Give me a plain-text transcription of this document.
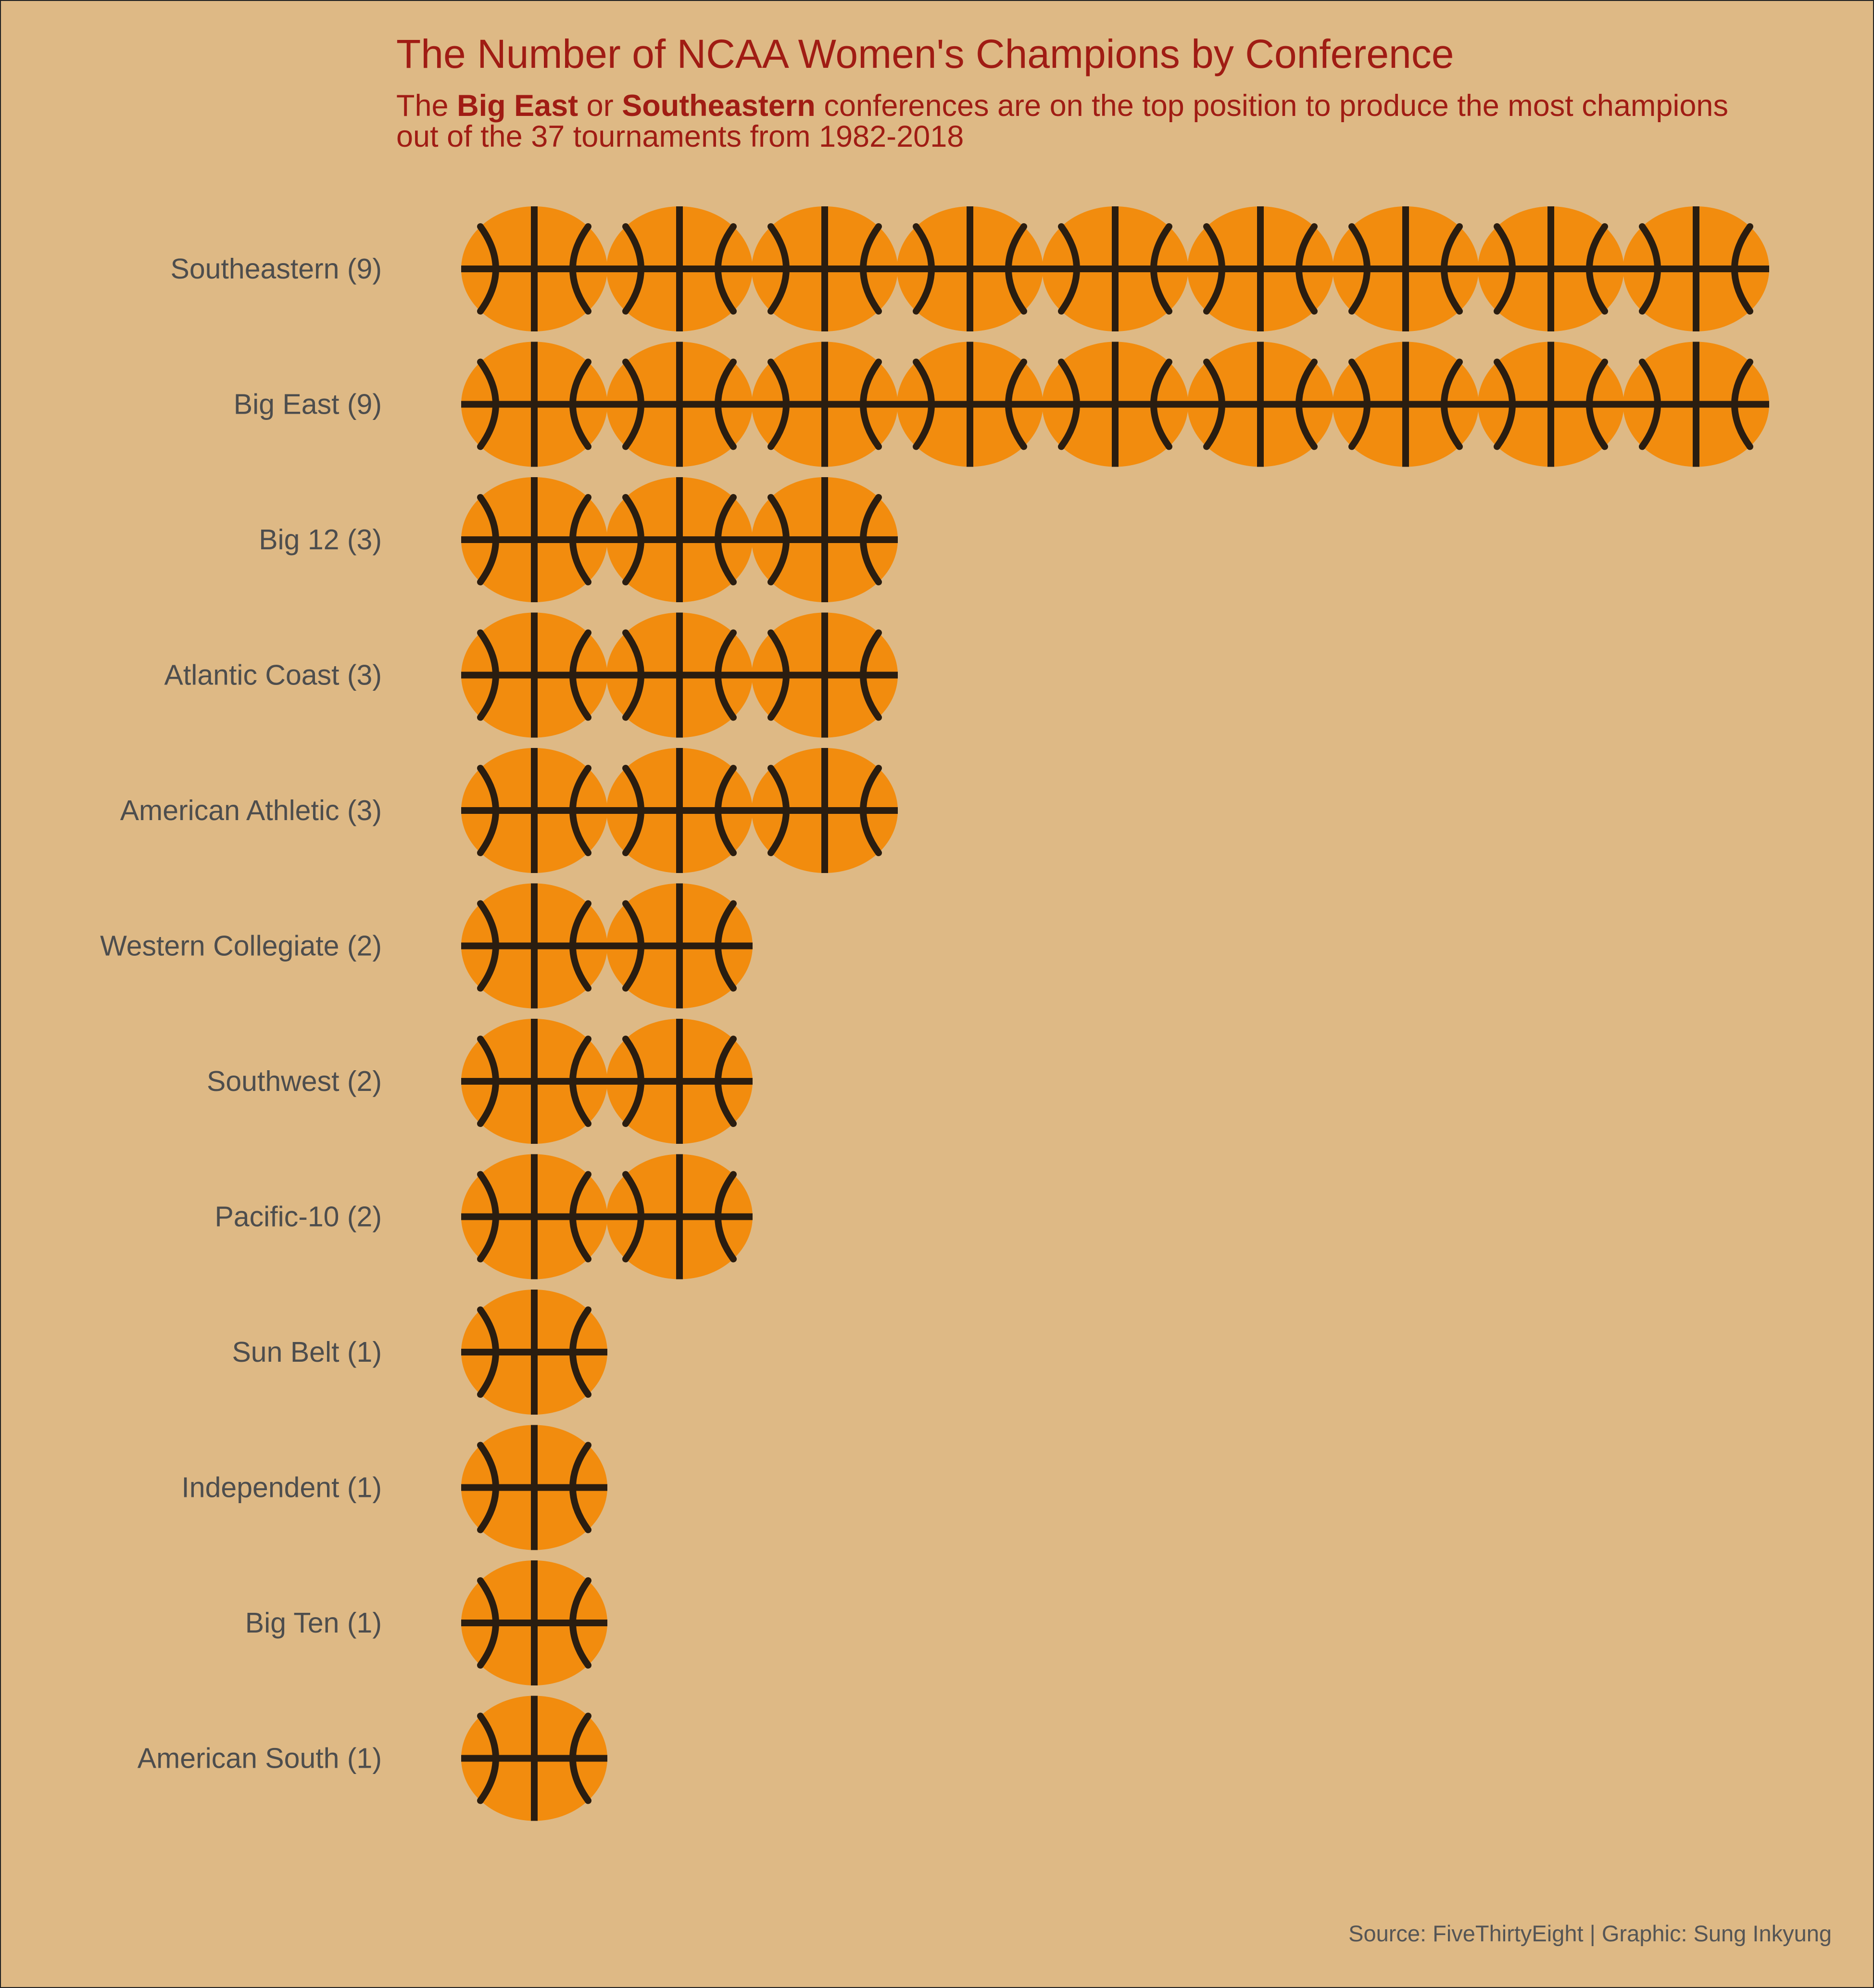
The Number of NCAA Women's Champions by Conference
The Big East or Southeastern conferences are on the top position to produce the most champions
out of the 37 tournaments from 1982-2018
Southeastern (9)
Big East (9)
Big 12 (3)
Atlantic Coast (3)
American Athletic (3)
Western Collegiate (2)
Southwest (2)
Pacific-10 (2)
Sun Belt (1)
Independent (1)
Big Ten (1)
American South (1)
Source: FiveThirtyEight | Graphic: Sung Inkyung
